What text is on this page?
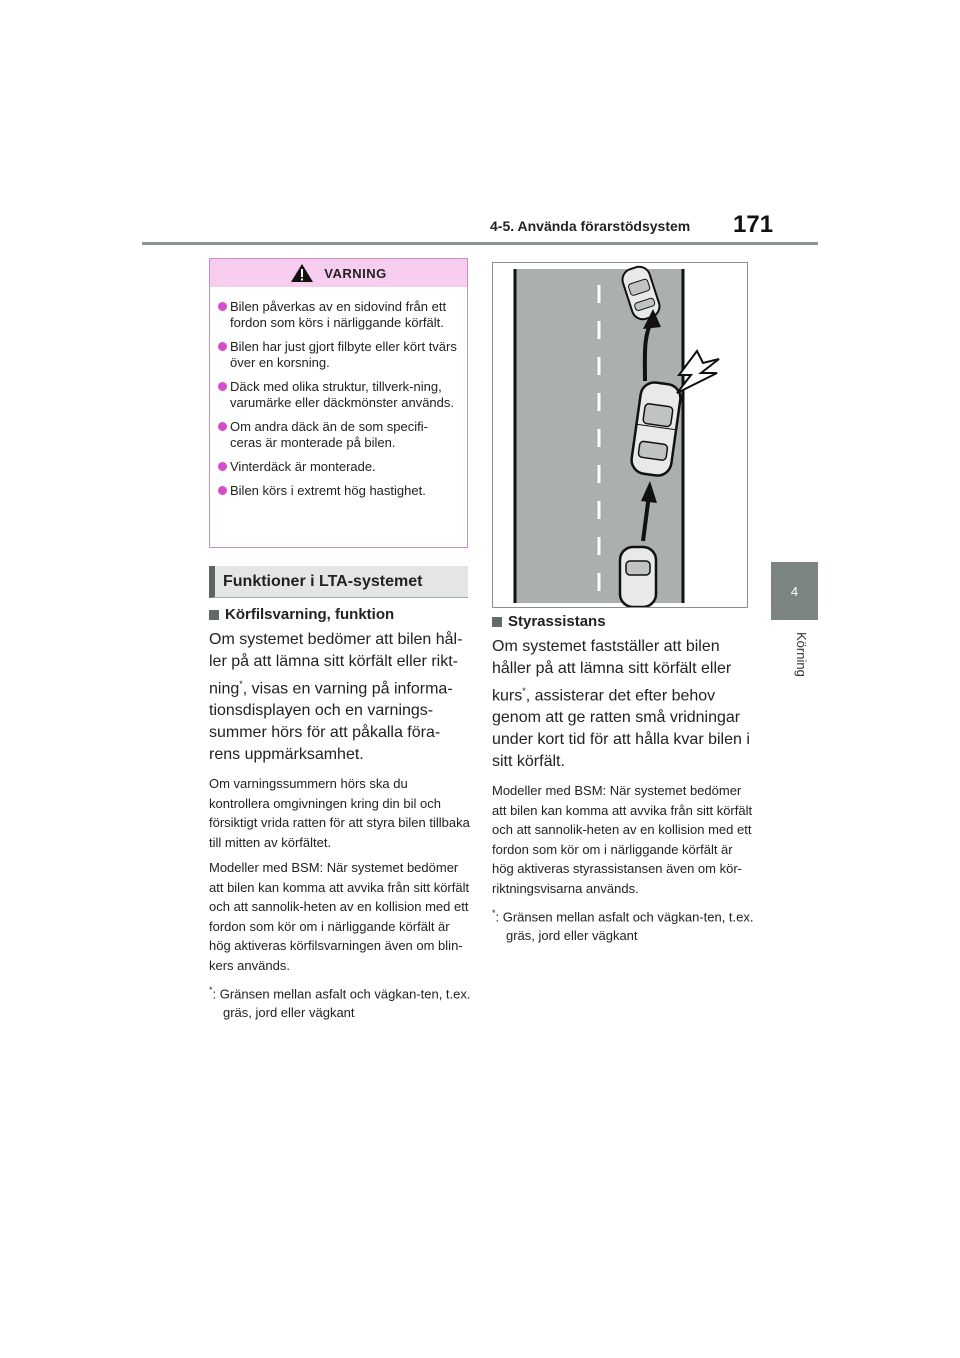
4-5. Använda förarstödsystem 171
4
Körning
VARNING
Bilen påverkas av en sidovind från ett fordon som körs i närliggande körfält.
Bilen har just gjort filbyte eller kört tvärs över en korsning.
Däck med olika struktur, tillverk-ning, varumärke eller däckmönster används.
Om andra däck än de som specifi-ceras är monterade på bilen.
Vinterdäck är monterade.
Bilen körs i extremt hög hastighet.
Funktioner i LTA-systemet
Körfilsvarning, funktion
Om systemet bedömer att bilen hål-ler på att lämna sitt körfält eller rikt-ning*, visas en varning på informa-tionsdisplayen och en varnings-summer hörs för att påkalla föra-rens uppmärksamhet.
Om varningssummern hörs ska du kontrollera omgivningen kring din bil och försiktigt vrida ratten för att styra bilen tillbaka till mitten av körfältet.
Modeller med BSM: När systemet bedömer att bilen kan komma att avvika från sitt körfält och att sannolik-heten av en kollision med ett fordon som kör om i närliggande körfält är hög aktiveras körfilsvarningen även om blin-kers används.
*: Gränsen mellan asfalt och vägkan-ten, t.ex. gräs, jord eller vägkant
Styrassistans
Om systemet fastställer att bilen håller på att lämna sitt körfält eller kurs*, assisterar det efter behov genom att ge ratten små vridningar under kort tid för att hålla kvar bilen i sitt körfält.
Modeller med BSM: När systemet bedömer att bilen kan komma att avvika från sitt körfält och att sannolik-heten av en kollision med ett fordon som kör om i närliggande körfält är hög aktiveras styrassistansen även om kör-riktningsvisarna används.
*: Gränsen mellan asfalt och vägkan-ten, t.ex. gräs, jord eller vägkant
